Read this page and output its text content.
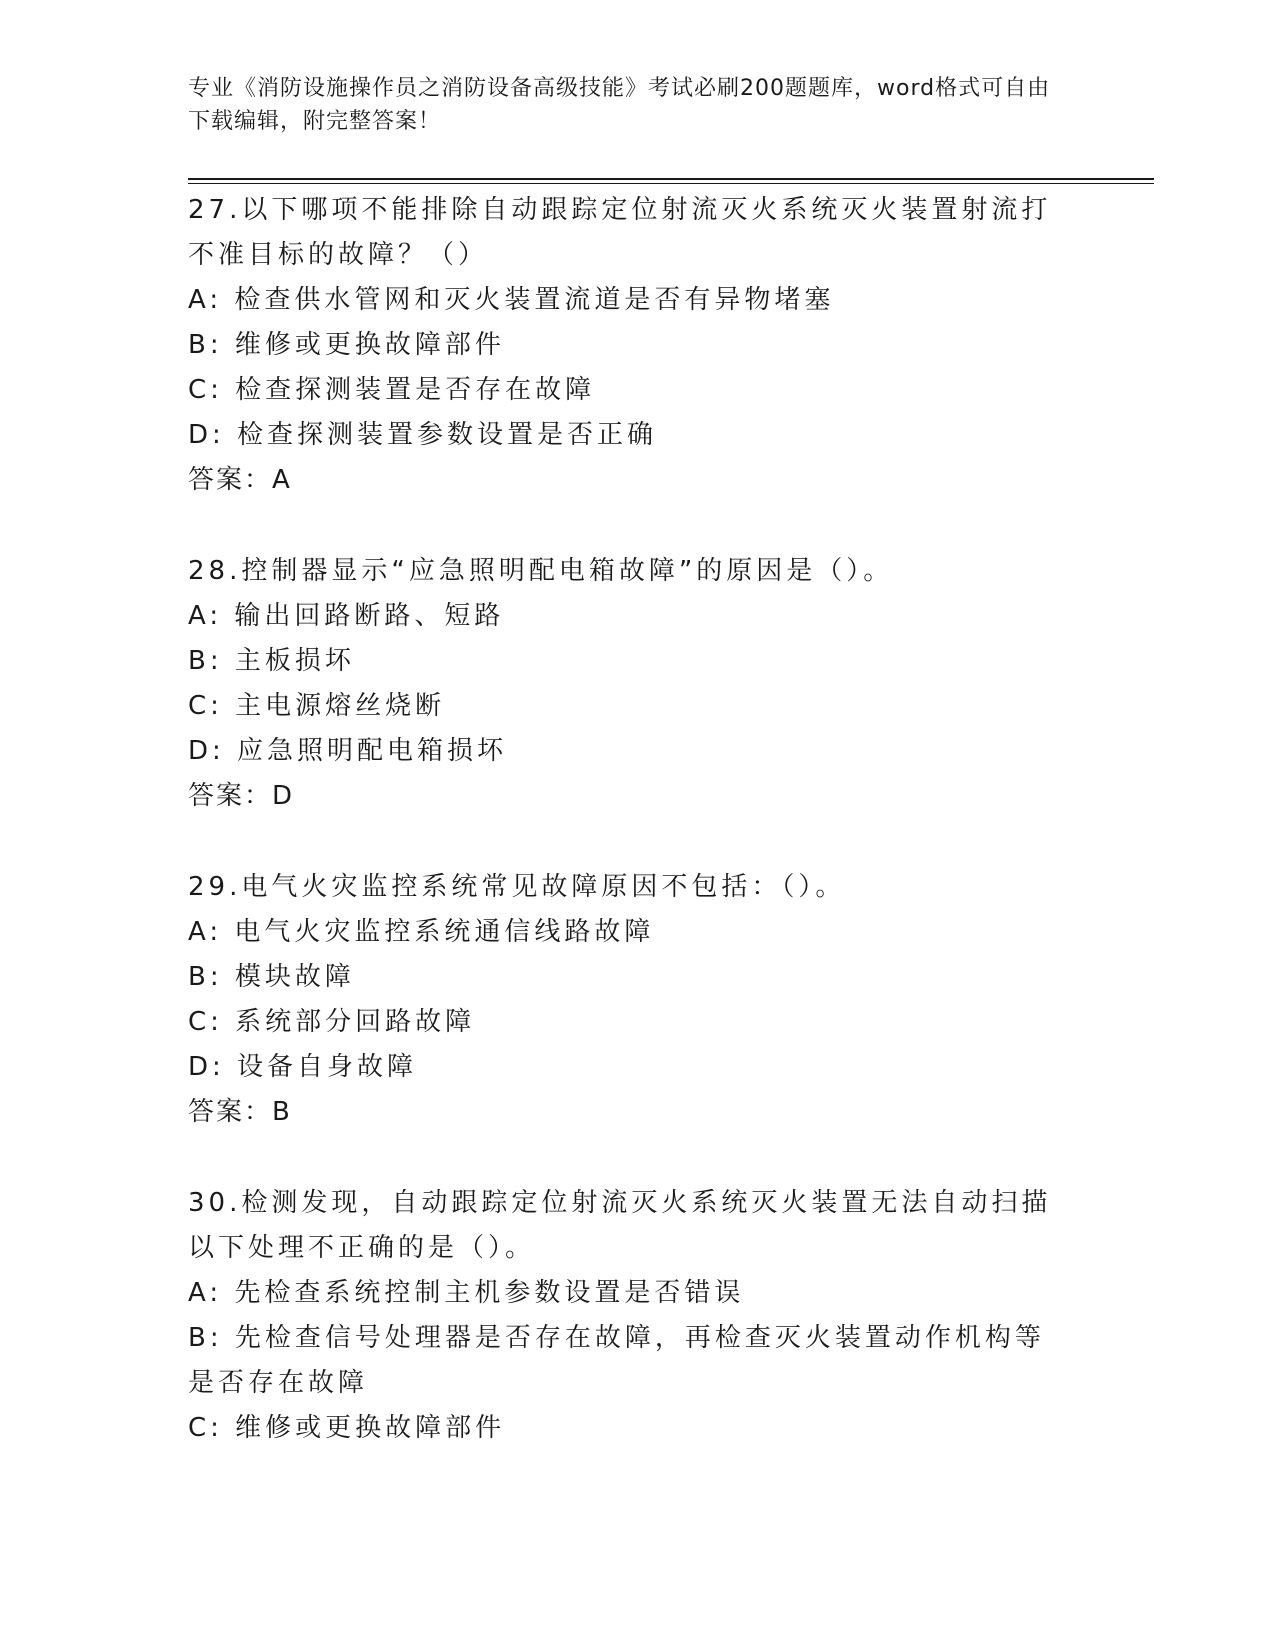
专业《消防设施操作员之消防设备高级技能》考试必刷200题题库，word格式可自由下载编辑，附完整答案！

27.以下哪项不能排除自动跟踪定位射流灭火系统灭火装置射流打不准目标的故障？（）

A: 检查供水管网和灭火装置流道是否有异物堵塞

B: 维修或更换故障部件

C: 检查探测装置是否存在故障

D: 检查探测装置参数设置是否正确

答案：A

28.控制器显示“应急照明配电箱故障”的原因是（）。

A: 输出回路断路、短路

B: 主板损坏

C: 主电源熔丝烧断

D: 应急照明配电箱损坏

答案：D

29.电气火灾监控系统常见故障原因不包括：（）。

A: 电气火灾监控系统通信线路故障

B: 模块故障

C: 系统部分回路故障

D: 设备自身故障

答案：B

30.检测发现，自动跟踪定位射流灭火系统灭火装置无法自动扫描以下处理不正确的是（）。

A: 先检查系统控制主机参数设置是否错误

B: 先检查信号处理器是否存在故障，再检查灭火装置动作机构等是否存在故障

C: 维修或更换故障部件
